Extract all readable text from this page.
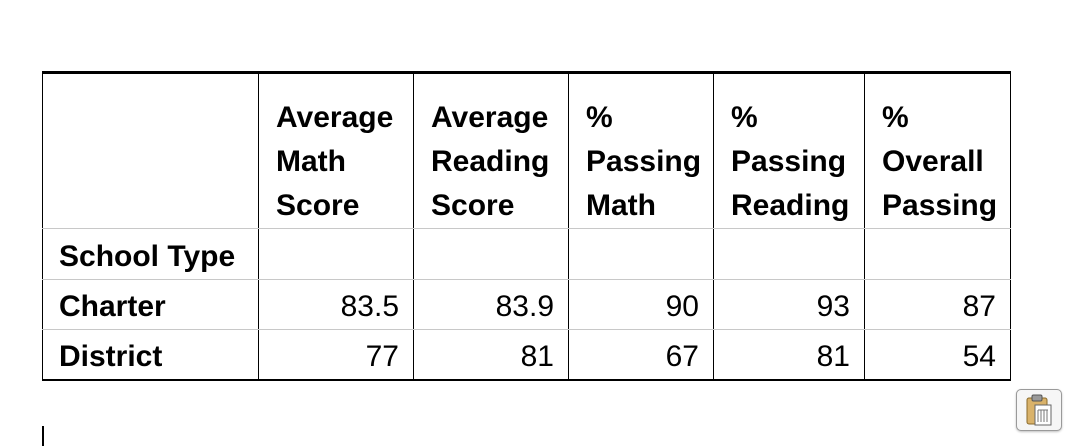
	Average
Math
Score	Average
Reading
Score	%
Passing
Math	%
Passing
Reading	%
Overall
Passing

School Type					
Charter	83.5	83.9	90	93	87
District	77	81	67	81	54
